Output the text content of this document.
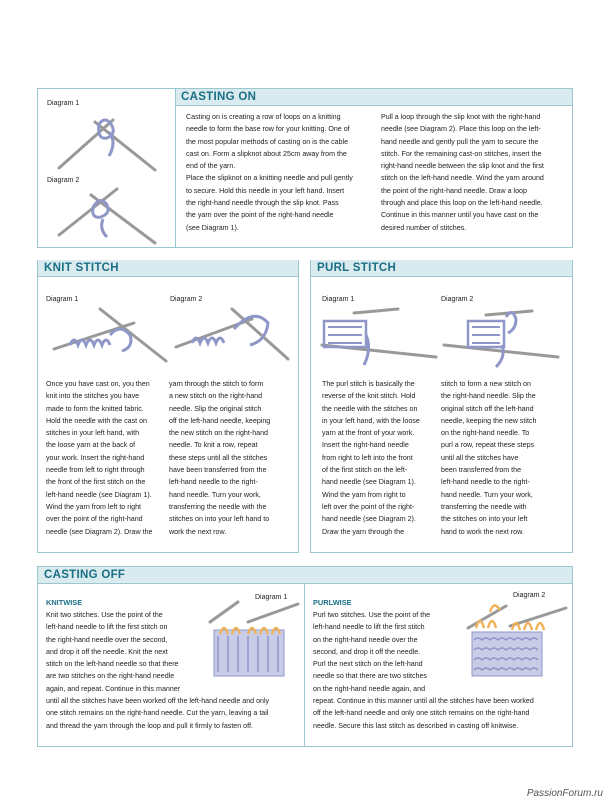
CASTING ON
Diagram 1
Diagram 2

Casting on is creating a row of loops on a knitting

needle to form the base row for your knitting. One of

the most popular methods of casting on is the cable

cast on. Form a slipknot about 25cm away from the

end of the yarn.

Place the slipknot on a knitting needle and pull gently

to secure. Hold this needle in your left hand. Insert

the right-hand needle through the slip knot. Pass

the yarn over the point of the right-hand needle

(see Diagram 1).

Pull a loop through the slip knot with the right-hand

needle (see Diagram 2). Place this loop on the left-

hand needle and gently pull the yarn to secure the

stitch. For the remaining cast-on stitches, insert the

right-hand needle between the slip knot and the first

stitch on the left-hand needle. Wind the yarn around

the point of the right-hand needle. Draw a loop

through and place this loop on the left-hand needle.

Continue in this manner until you have cast on the

desired number of stitches.

KNIT STITCH
Diagram 1	Diagram 2

Once you have cast on, you then

knit into the stitches you have

made to form the knitted fabric.

Hold the needle with the cast on

stitches in your left hand, with

the loose yarn at the back of

your work. Insert the right-hand

needle from left to right through

the front of the first stitch on the

left-hand needle (see Diagram 1).

Wind the yarn from left to right

over the point of the right-hand

needle (see Diagram 2). Draw the

yarn through the stitch to form

a new stitch on the right-hand

needle. Slip the original stitch

off the left-hand needle, keeping

the new stitch on the right-hand

needle. To knit a row, repeat

these steps until all the stitches

have been transferred from the

left-hand needle to the right-

hand needle. Turn your work,

transferring the needle with the

stitches on into your left hand to

work the next row.

PURL STITCH
Diagram 1	Diagram 2

The purl stitch is basically the

reverse of the knit stitch. Hold

the needle with the stitches on

in your left hand, with the loose

yarn at the front of your work.

Insert the right-hand needle

from right to left into the front

of the first stitch on the left-

hand needle (see Diagram 1).

Wind the yarn from right to

left over the point of the right-

hand needle (see Diagram 2).

Draw the yarn through the

stitch to form a new stitch on

the right-hand needle. Slip the

original stitch off the left-hand

needle, keeping the new stitch

on the right-hand needle. To

purl a row, repeat these steps

until all the stitches have

been transferred from the

left-hand needle to the right-

hand needle. Turn your work,

transferring the needle with

the stitches on into your left

hand to work the next row.

CASTING OFF
KNITWISE
Diagram 1

Knit two stitches. Use the point of the

left-hand needle to lift the first stitch on

the right-hand needle over the second,

and drop it off the needle. Knit the next

stitch on the left-hand needle so that there

are two stitches on the right-hand needle

again, and repeat. Continue in this manner

until all the stitches have been worked off the left-hand needle and only

one stitch remains on the right-hand needle. Cut the yarn, leaving a tail

and thread the yarn through the loop and pull it firmly to fasten off.

PURLWISE
Diagram 2

Purl two stitches. Use the point of the

left-hand needle to lift the first stitch

on the right-hand needle over the

second, and drop it off the needle.

Purl the next stitch on the left-hand

needle so that there are two stitches

on the right-hand needle again, and

repeat. Continue in this manner until all the stitches have been worked

off the left-hand needle and only one stitch remains on the right-hand

needle. Secure this last stitch as described in casting off knitwise.

PassionForum.ru
